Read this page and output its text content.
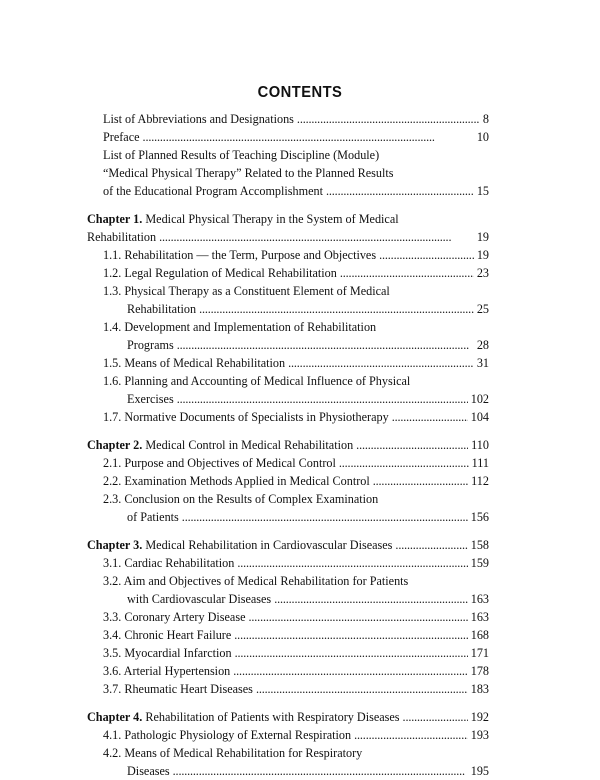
CONTENTS
List of Abbreviations and Designations . . .	8
Preface . . .	10
List of Planned Results of Teaching Discipline (Module)
“Medical Physical Therapy” Related to the Planned Results
of the Educational Program Accomplishment . . .	15
Chapter 1. Medical Physical Therapy in the System of Medical
Rehabilitation . . .	19
1.1. Rehabilitation — the Term, Purpose and Objectives . . .	19
1.2. Legal Regulation of Medical Rehabilitation . . .	23
1.3. Physical Therapy as a Constituent Element of Medical
Rehabilitation . . .	25
1.4. Development and Implementation of Rehabilitation
Programs . . .	28
1.5. Means of Medical Rehabilitation . . .	31
1.6. Planning and Accounting of Medical Influence of Physical
Exercises . . .	102
1.7. Normative Documents of Specialists in Physiotherapy . . .	104
Chapter 2. Medical Control in Medical Rehabilitation . . .	110
2.1. Purpose and Objectives of Medical Control . . .	111
2.2. Examination Methods Applied in Medical Control . . .	112
2.3. Conclusion on the Results of Complex Examination
of Patients . . .	156
Chapter 3. Medical Rehabilitation in Cardiovascular Diseases . . .	158
3.1. Cardiac Rehabilitation . . .	159
3.2. Aim and Objectives of Medical Rehabilitation for Patients
with Cardiovascular Diseases . . .	163
3.3. Coronary Artery Disease . . .	163
3.4. Chronic Heart Failure . . .	168
3.5. Myocardial Infarction . . .	171
3.6. Arterial Hypertension . . .	178
3.7. Rheumatic Heart Diseases . . .	183
Chapter 4. Rehabilitation of Patients with Respiratory Diseases . . .	192
4.1. Pathologic Physiology of External Respiration . . .	193
4.2. Means of Medical Rehabilitation for Respiratory
Diseases . . .	195
